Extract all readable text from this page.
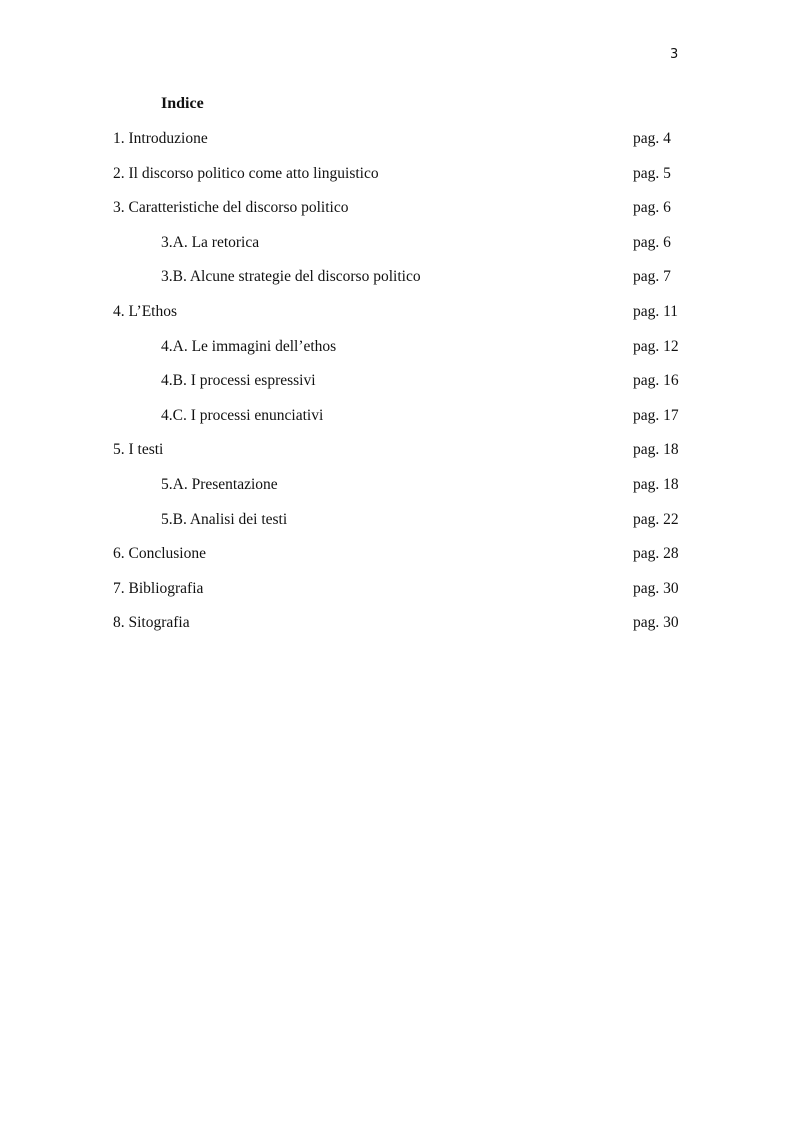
3
Indice
1. Introduzione	pag. 4
2. Il discorso politico come atto linguistico	pag. 5
3. Caratteristiche del discorso politico	pag. 6
3.A. La retorica	pag. 6
3.B. Alcune strategie del discorso politico	pag. 7
4. L’Ethos	pag. 11
4.A. Le immagini dell’ethos	pag. 12
4.B. I processi espressivi	pag. 16
4.C. I processi enunciativi	pag. 17
5. I testi	pag. 18
5.A. Presentazione	pag. 18
5.B. Analisi dei testi	pag. 22
6. Conclusione	pag. 28
7. Bibliografia	pag. 30
8. Sitografia	pag. 30
